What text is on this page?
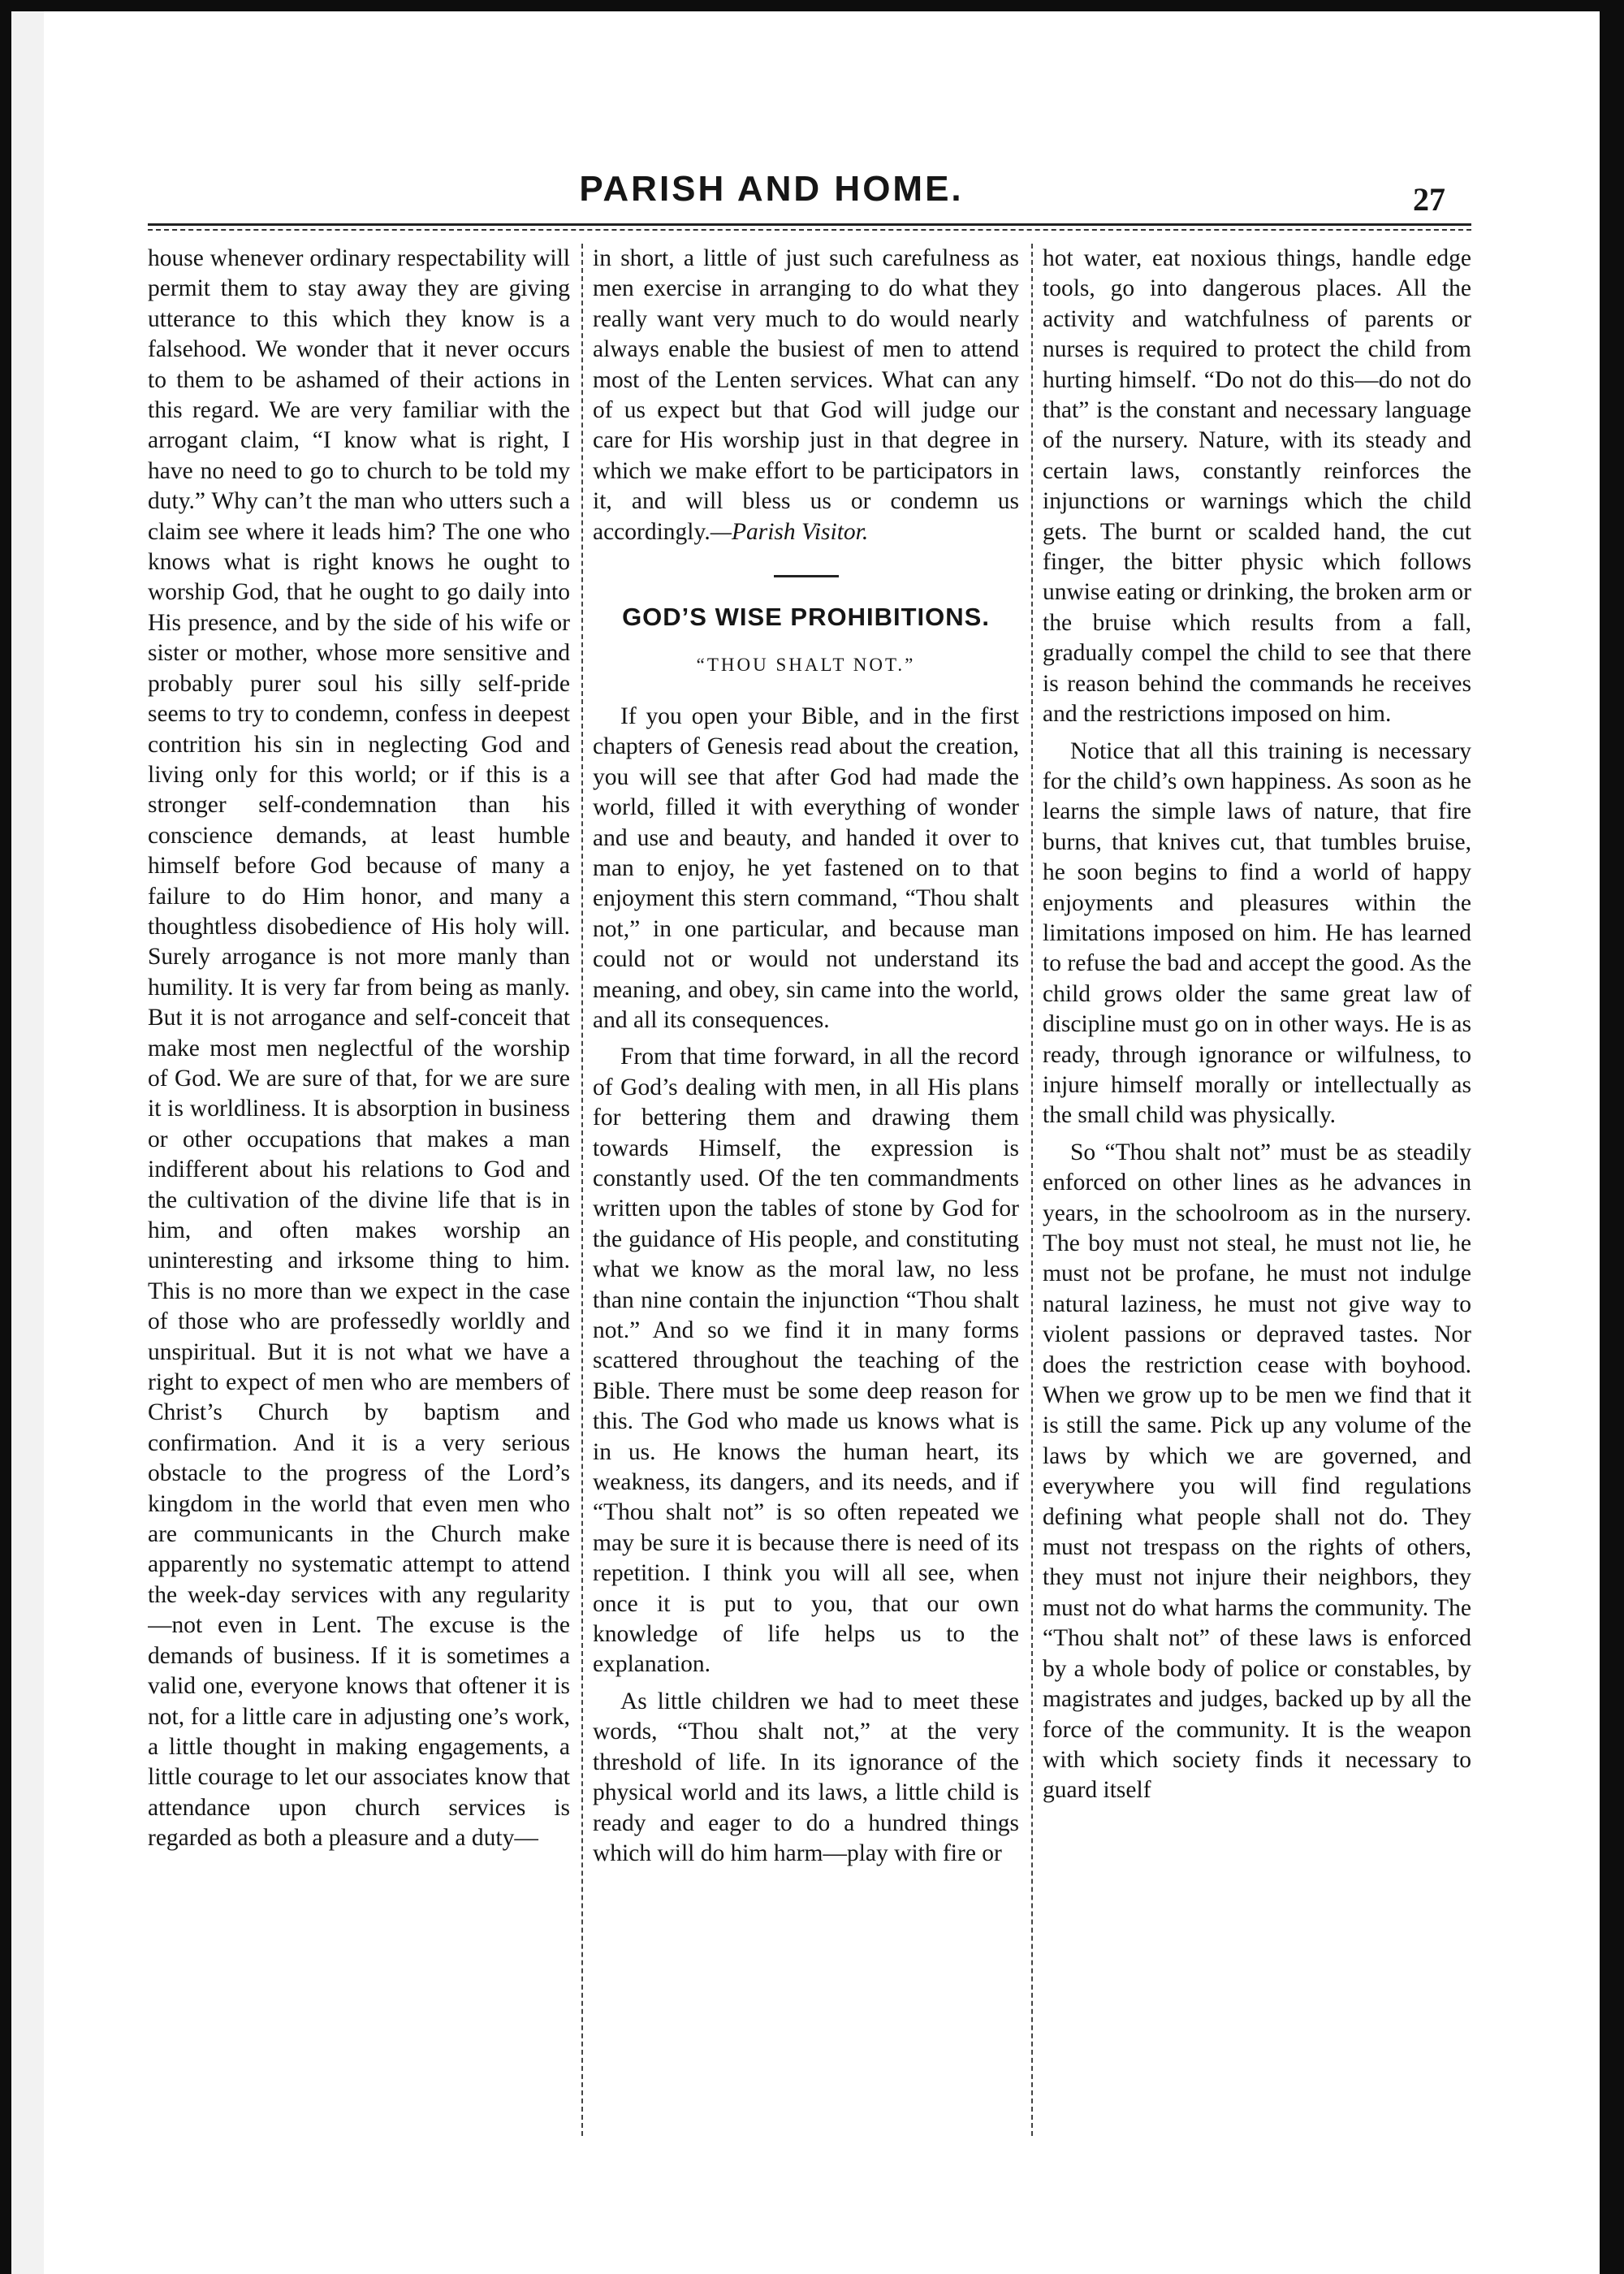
PARISH AND HOME.	27

house whenever ordinary respectability will permit them to stay away they are giving utterance to this which they know is a falsehood. We wonder that it never occurs to them to be ashamed of their actions in this regard. We are very familiar with the arrogant claim, “I know what is right, I have no need to go to church to be told my duty.” Why can’t the man who utters such a claim see where it leads him? The one who knows what is right knows he ought to worship God, that he ought to go daily into His presence, and by the side of his wife or sister or mother, whose more sensitive and probably purer soul his silly self-pride seems to try to condemn, confess in deepest contrition his sin in neglecting God and living only for this world; or if this is a stronger self-condemnation than his conscience demands, at least humble himself before God because of many a failure to do Him honor, and many a thoughtless disobedience of His holy will. Surely arrogance is not more manly than humility. It is very far from being as manly. But it is not arrogance and self-conceit that make most men neglectful of the worship of God. We are sure of that, for we are sure it is worldliness. It is absorption in business or other occupations that makes a man indifferent about his relations to God and the cultivation of the divine life that is in him, and often makes worship an uninteresting and irksome thing to him. This is no more than we expect in the case of those who are professedly worldly and unspiritual. But it is not what we have a right to expect of men who are members of Christ’s Church by baptism and confirmation. And it is a very serious obstacle to the progress of the Lord’s kingdom in the world that even men who are communicants in the Church make apparently no systematic attempt to attend the week-day services with any regularity—not even in Lent. The excuse is the demands of business. If it is sometimes a valid one, everyone knows that oftener it is not, for a little care in adjusting one’s work, a little thought in making engagements, a little courage to let our associates know that attendance upon church services is regarded as both a pleasure and a duty—

in short, a little of just such carefulness as men exercise in arranging to do what they really want very much to do would nearly always enable the busiest of men to attend most of the Lenten services. What can any of us expect but that God will judge our care for His worship just in that degree in which we make effort to be participators in it, and will bless us or condemn us accordingly.—Parish Visitor.

GOD’S WISE PROHIBITIONS.
“THOU SHALT NOT.”

If you open your Bible, and in the first chapters of Genesis read about the creation, you will see that after God had made the world, filled it with everything of wonder and use and beauty, and handed it over to man to enjoy, he yet fastened on to that enjoyment this stern command, “Thou shalt not,” in one particular, and because man could not or would not understand its meaning, and obey, sin came into the world, and all its consequences.

From that time forward, in all the record of God’s dealing with men, in all His plans for bettering them and drawing them towards Himself, the expression is constantly used. Of the ten commandments written upon the tables of stone by God for the guidance of His people, and constituting what we know as the moral law, no less than nine contain the injunction “Thou shalt not.” And so we find it in many forms scattered throughout the teaching of the Bible. There must be some deep reason for this. The God who made us knows what is in us. He knows the human heart, its weakness, its dangers, and its needs, and if “Thou shalt not” is so often repeated we may be sure it is because there is need of its repetition. I think you will all see, when once it is put to you, that our own knowledge of life helps us to the explanation.

As little children we had to meet these words, “Thou shalt not,” at the very threshold of life. In its ignorance of the physical world and its laws, a little child is ready and eager to do a hundred things which will do him harm—play with fire or

hot water, eat noxious things, handle edge tools, go into dangerous places. All the activity and watchfulness of parents or nurses is required to protect the child from hurting himself. “Do not do this—do not do that” is the constant and necessary language of the nursery. Nature, with its steady and certain laws, constantly reinforces the injunctions or warnings which the child gets. The burnt or scalded hand, the cut finger, the bitter physic which follows unwise eating or drinking, the broken arm or the bruise which results from a fall, gradually compel the child to see that there is reason behind the commands he receives and the restrictions imposed on him.

Notice that all this training is necessary for the child’s own happiness. As soon as he learns the simple laws of nature, that fire burns, that knives cut, that tumbles bruise, he soon begins to find a world of happy enjoyments and pleasures within the limitations imposed on him. He has learned to refuse the bad and accept the good. As the child grows older the same great law of discipline must go on in other ways. He is as ready, through ignorance or wilfulness, to injure himself morally or intellectually as the small child was physically.

So “Thou shalt not” must be as steadily enforced on other lines as he advances in years, in the schoolroom as in the nursery. The boy must not steal, he must not lie, he must not be profane, he must not indulge natural laziness, he must not give way to violent passions or depraved tastes. Nor does the restriction cease with boyhood. When we grow up to be men we find that it is still the same. Pick up any volume of the laws by which we are governed, and everywhere you will find regulations defining what people shall not do. They must not trespass on the rights of others, they must not injure their neighbors, they must not do what harms the community. The “Thou shalt not” of these laws is enforced by a whole body of police or constables, by magistrates and judges, backed up by all the force of the community. It is the weapon with which society finds it necessary to guard itself
